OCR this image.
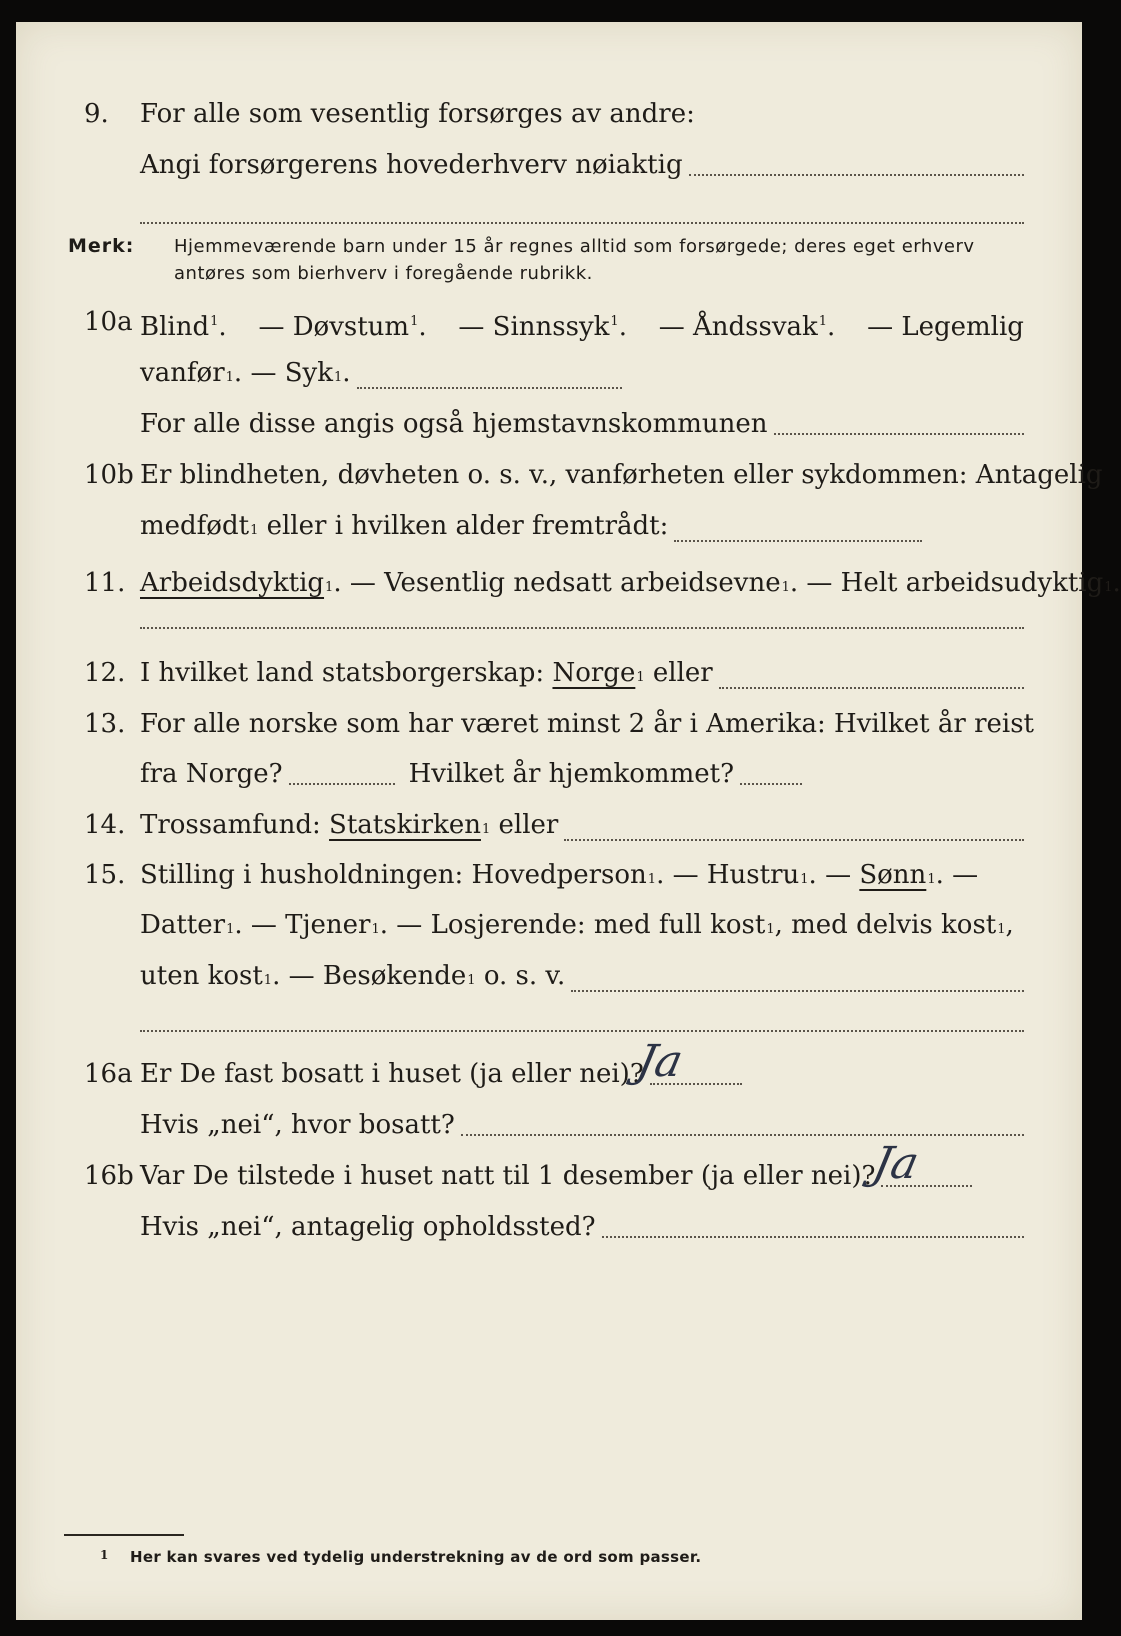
9. For alle som vesentlig forsørges av andre:
Angi forsørgerens hovederhverv nøiaktig
Merk: Hjemmeværende barn under 15 år regnes alltid som forsørgede; deres eget erhverv
antøres som bierhverv i foregående rubrikk.
10a Blind$^1$. — Døvstum$^1$. — Sinnssyk$^1$. — Åndssvak$^1$. — Legemlig
vanfør 1 . — Syk 1 .
For alle disse angis også hjemstavnskommunen
10b Er blindheten, døvheten o. s. v., vanførheten eller sykdommen: Antagelig
medfødt 1
eller i hvilken alder fremtrådt:
11. Arbeidsdyktig 1 . — Vesentlig nedsatt arbeidsevne 1 . — Helt arbeidsudyktig 1 .
12. I hvilket land statsborgerskap:
Norge 1
eller
13. For alle norske som har været minst 2 år i Amerika: Hvilket år reist
fra Norge?	Hvilket år hjemkommet?
14. Trossamfund:
Statskirken 1
eller
15. Stilling i husholdningen: Hovedperson 1 . — Hustru 1 . —
Sønn 1 . —
Datter 1 . — Tjener 1 . — Losjerende: med full kost 1 , med delvis kost 1 ,
uten kost 1 . — Besøkende 1
o. s. v.
16a Er De fast bosatt i huset (ja eller nei)?
Ja
Hvis „nei“, hvor bosatt?
16b Var De tilstede i huset natt til 1 desember (ja eller nei)?
Ja
Hvis „nei“, antagelig opholdssted?
1 Her kan svares ved tydelig understrekning av de ord som passer.
